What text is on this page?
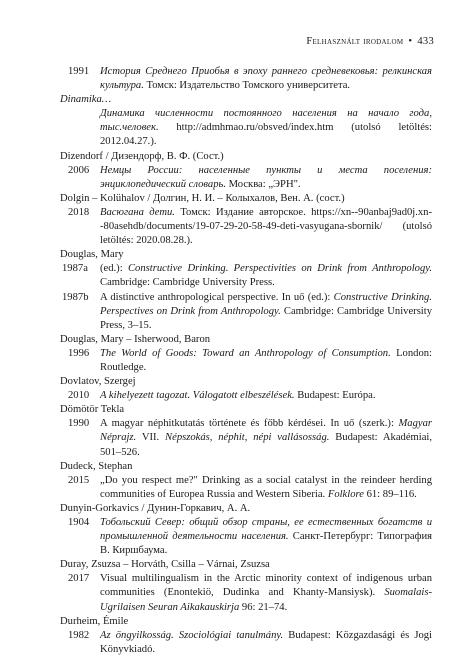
Felhasznált irodalom • 433
1991	История Среднего Приобья в эпоху раннего средневековья: релкинская культура. Томск: Издательство Томского университета.
Dinamika…
Динамика численности постоянного населения на начало года, тыс.человек. http://admhmao.ru/obsved/index.htm (utolsó letöltés: 2012.04.27.).
Dizendorf / Дизендорф, В. Ф. (Сост.)
2006	Немцы России: населенные пункты и места поселения: энциклопедический словарь. Москва: „ЭРН".
Dolgin – Kolühalov / Долгин, Н. И. – Колыхалов, Вен. А. (сост.)
2018	Васюгана дети. Томск: Издание авторское. https://xn--90anbaj9ad0j.xn--80asehdb/documents/19-07-29-20-58-49-deti-vasyugana-sbornik/ (utolsó letöltés: 2020.08.28.).
Douglas, Mary
1987a	(ed.): Constructive Drinking. Perspectivities on Drink from Anthropology. Cambridge: Cambridge University Press.
1987b	A distinctive anthropological perspective. In uő (ed.): Constructive Drinking. Perspectives on Drink from Anthropology. Cambridge: Cambridge University Press, 3–15.
Douglas, Mary – Isherwood, Baron
1996	The World of Goods: Toward an Anthropology of Consumption. London: Routledge.
Dovlatov, Szergej
2010	A kihelyezett tagozat. Válogatott elbeszélések. Budapest: Európa.
Dömötör Tekla
1990	A magyar néphitkutatás története és főbb kérdései. In uő (szerk.): Magyar Néprajz. VII. Népszokás, néphit, népi vallásosság. Budapest: Akadémiai, 501–526.
Dudeck, Stephan
2015	„Do you respect me?" Drinking as a social catalyst in the reindeer herding communities of Europea Russia and Western Siberia. Folklore 61: 89–116.
Dunyin-Gorkavics / Дунин-Горкавич, А. А.
1904	Тобольский Север: общий обзор страны, ее естественных богатств и промышленной деятельности населения. Санкт-Петербург: Типография В. Киршбаума.
Duray, Zsuzsa – Horváth, Csilla – Várnai, Zsuzsa
2017	Visual multilingualism in the Arctic minority context of indigenous urban communities (Enontekiö, Dudinka and Khanty-Mansiysk). Suomalais-Ugrilaisen Seuran Aikakauskirja 96: 21–74.
Durheim, Émile
1982	Az öngyilkosság. Szociológiai tanulmány. Budapest: Közgazdasági és Jogi Könyvkiadó.
